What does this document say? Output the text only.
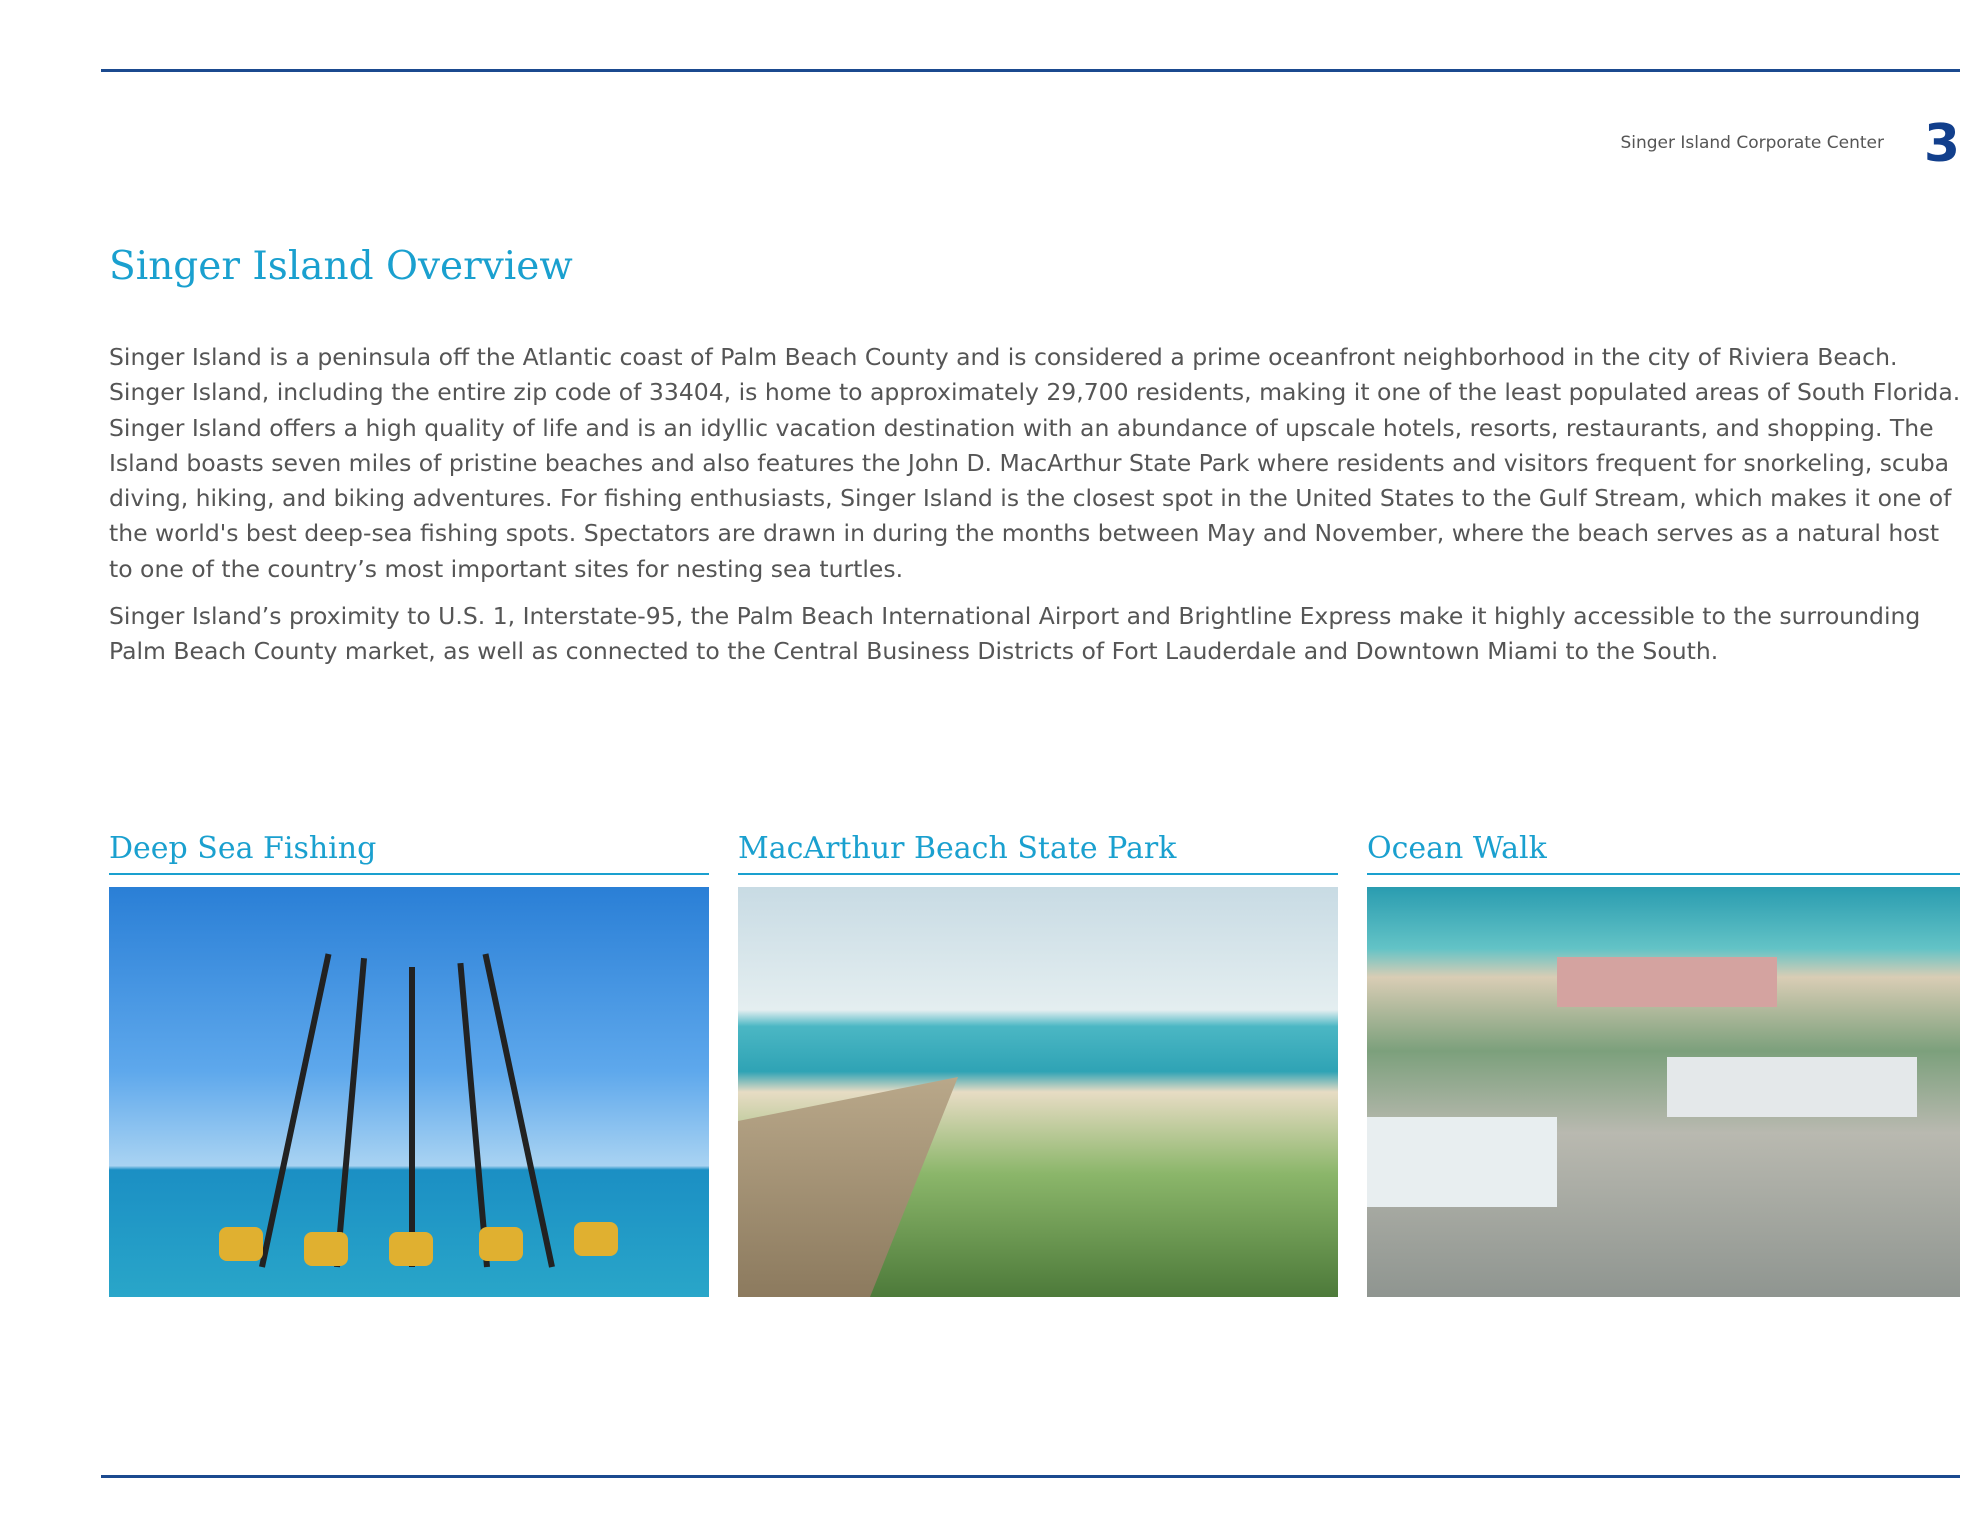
Singer Island Corporate Center 3
Singer Island Overview
Singer Island is a peninsula off the Atlantic coast of Palm Beach County and is considered a prime oceanfront neighborhood in the city of Riviera Beach.
Singer Island, including the entire zip code of 33404, is home to approximately 29,700 residents, making it one of the least populated areas of South Florida.
Singer Island offers a high quality of life and is an idyllic vacation destination with an abundance of upscale hotels, resorts, restaurants, and shopping. The
Island boasts seven miles of pristine beaches and also features the John D. MacArthur State Park where residents and visitors frequent for snorkeling, scuba
diving, hiking, and biking adventures. For fishing enthusiasts, Singer Island is the closest spot in the United States to the Gulf Stream, which makes it one of
the world's best deep-sea fishing spots. Spectators are drawn in during the months between May and November, where the beach serves as a natural host
to one of the country’s most important sites for nesting sea turtles.
Singer Island’s proximity to U.S. 1, Interstate-95, the Palm Beach International Airport and Brightline Express make it highly accessible to the surrounding
Palm Beach County market, as well as connected to the Central Business Districts of Fort Lauderdale and Downtown Miami to the South.
Deep Sea Fishing	MacArthur Beach State Park	Ocean Walk
